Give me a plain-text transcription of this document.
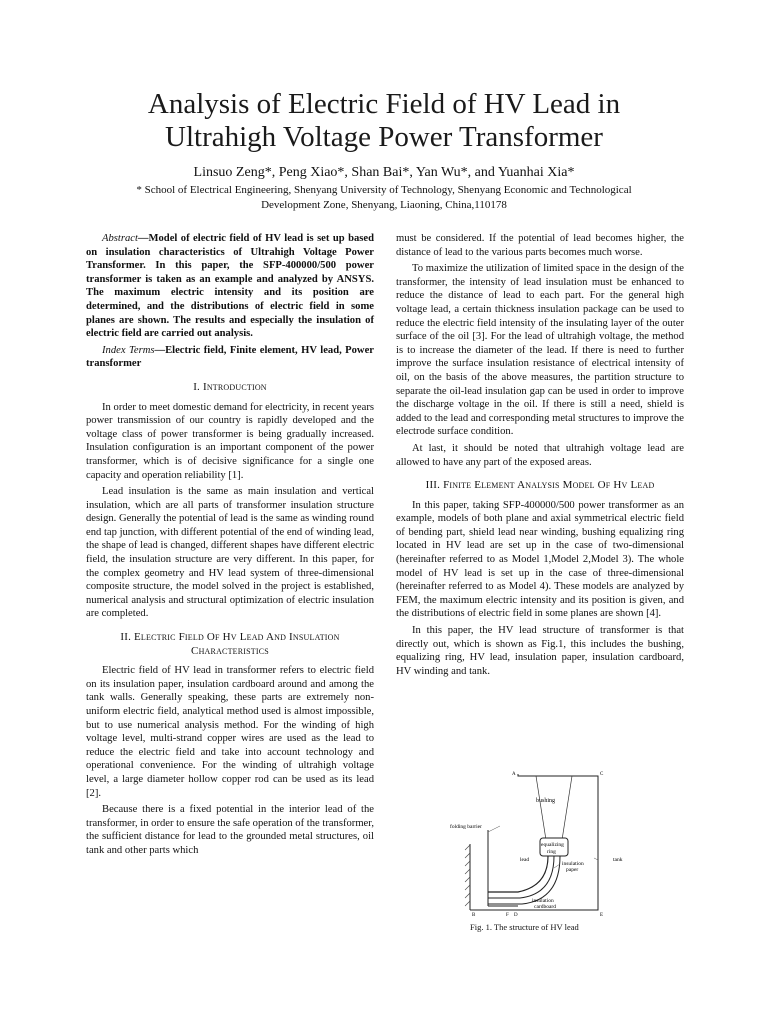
Analysis of Electric Field of HV Lead in
Ultrahigh Voltage Power Transformer
Linsuo Zeng*, Peng Xiao*, Shan Bai*, Yan Wu*, and Yuanhai Xia*
* School of Electrical Engineering, Shenyang University of Technology, Shenyang Economic and Technological
Development Zone, Shenyang, Liaoning, China,110178

Abstract—Model of electric field of HV lead is set up based on insulation characteristics of Ultrahigh Voltage Power Transformer. In this paper, the SFP-400000/500 power transformer is taken as an example and analyzed by ANSYS. The maximum electric intensity and its position are determined, and the distributions of electric field in some planes are shown. The results and especially the insulation of electric field are carried out analysis.

Index Terms—Electric field, Finite element, HV lead, Power transformer

I. Introduction

In order to meet domestic demand for electricity, in recent years power transmission of our country is rapidly developed and the voltage class of power transformer is being gradually increased. Insulation configuration is an important component of the power transformer, which is of decisive significance for a single one capacity and operation reliability [1].

Lead insulation is the same as main insulation and vertical insulation, which are all parts of transformer insulation structure design. Generally the potential of lead is the same as winding round end tap junction, with different potential of the end of winding lead, the shape of lead is changed, different shapes have different electric field, the insulation structure are very different. In this paper, for the complex geometry and HV lead system of three-dimensional composite structure, the model solved in the project is established, numerical analysis and structural optimization of electric insulation are completed.

II. Electric Field Of Hv Lead And Insulation
Characteristics

Electric field of HV lead in transformer refers to electric field on its insulation paper, insulation cardboard around and among the tank walls. Generally speaking, these parts are extremely non-uniform electric field, analytical method used is almost impossible, but to use numerical analysis method. For the winding of high voltage level, multi-strand copper wires are used as the lead to reduce the electric field and take into account technology and operational convenience. For the winding of ultrahigh voltage level, a large diameter hollow copper rod can be used as its lead [2].

Because there is a fixed potential in the interior lead of the transformer, in order to ensure the safe operation of the transformer, the sufficient distance for lead to the grounded metal structures, oil tank and other parts which

must be considered. If the potential of lead becomes higher, the distance of lead to the various parts becomes much worse.

To maximize the utilization of limited space in the design of the transformer, the intensity of lead insulation must be enhanced to reduce the distance of lead to each part. For the general high voltage lead, a certain thickness insulation package can be used to reduce the electric field intensity of the insulating layer of the outer surface of the oil [3]. For the lead of ultrahigh voltage, the method is to increase the diameter of the lead. If there is need to further improve the surface insulation resistance of electrical intensity of oil, on the basis of the above measures, the partition structure to separate the oil-lead insulation gap can be used in order to improve the discharge voltage in the oil. If there is still a need, shield is added to the lead and corresponding metal structures to improve the electrode surface condition.

At last, it should be noted that ultrahigh voltage lead are allowed to have any part of the exposed areas.

III. Finite Element Analysis Model Of Hv Lead

In this paper, taking SFP-400000/500 power transformer as an example, models of both plane and axial symmetrical electric field of bending part, shield lead near winding, bushing equalizing ring located in HV lead are set up in the case of two-dimensional (hereinafter referred to as Model 1,Model 2,Model 3). The whole model of HV lead is set up in the case of three-dimensional (hereinafter referred to as Model 4). These models are analyzed by FEM, the maximum electric intensity and its position is given, and the distributions of electric field in some planes are shown [4].

In this paper, the HV lead structure of transformer is that directly out, which is shown as Fig.1, this includes the bushing, equalizing ring, HV lead, insulation paper, insulation cardboard, HV winding and tank.

bushing
folding barrier
equalizing
ring
lead
insulation
paper
tank
insulation
cardboard
A	C
B	D	E
F
Fig. 1. The structure of HV lead
